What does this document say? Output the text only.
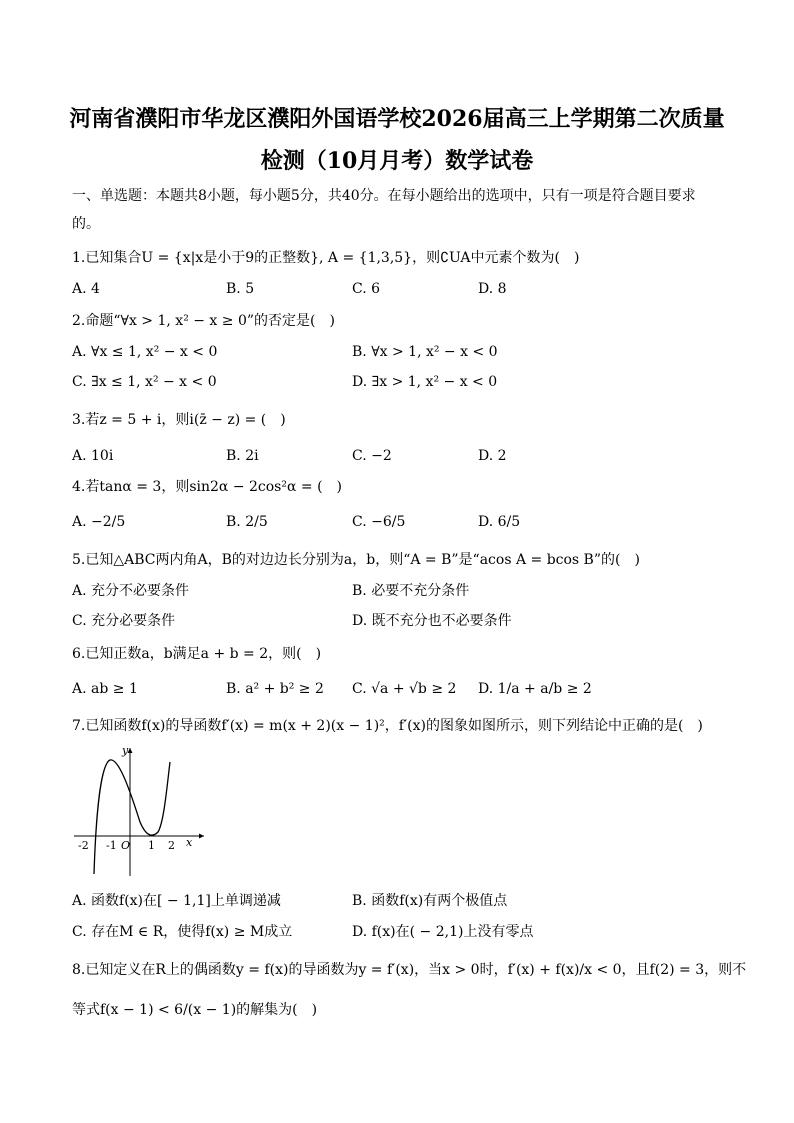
河南省濮阳市华龙区濮阳外国语学校2026届高三上学期第二次质量
检测（10月月考）数学试卷
一、单选题：本题共8小题，每小题5分，共40分。在每小题给出的选项中，只有一项是符合题目要求
的。
1.已知集合U = {x|x是小于9的正整数}, A = {1,3,5}，则∁UA中元素个数为(　)
A. 4	B. 5	C. 6	D. 8
2.命题“∀x > 1, x² − x ≥ 0”的否定是(　)
A. ∀x ≤ 1, x² − x < 0	B. ∀x > 1, x² − x < 0
C. ∃x ≤ 1, x² − x < 0	D. ∃x > 1, x² − x < 0
3.若z = 5 + i，则i(z̄ − z) = (　)
A. 10i	B. 2i	C. −2	D. 2
4.若tanα = 3，则sin2α − 2cos²α = (　)
A. −2/5	B. 2/5	C. −6/5	D. 6/5
5.已知△ABC两内角A，B的对边边长分别为a，b，则“A = B”是“acos A = bcos B”的(　)
A. 充分不必要条件	B. 必要不充分条件
C. 充分必要条件	D. 既不充分也不必要条件
6.已知正数a，b满足a + b = 2，则(　)
A. ab ≥ 1	B. a² + b² ≥ 2 C. √a + √b ≥ 2 D. 1/a + a/b ≥ 2
7.已知函数f(x)的导函数f′(x) = m(x + 2)(x − 1)²，f′(x)的图象如图所示，则下列结论中正确的是(　)
-2 -1 O 1 2 x
y
A. 函数f(x)在[ − 1,1]上单调递减	B. 函数f(x)有两个极值点
C. 存在M ∈ R，使得f(x) ≥ M成立	D. f(x)在( − 2,1)上没有零点
8.已知定义在R上的偶函数y = f(x)的导函数为y = f′(x)，当x > 0时，f′(x) + f(x)/x < 0，且f(2) = 3，则不
等式f(x − 1) < 6/(x − 1)的解集为(　)
